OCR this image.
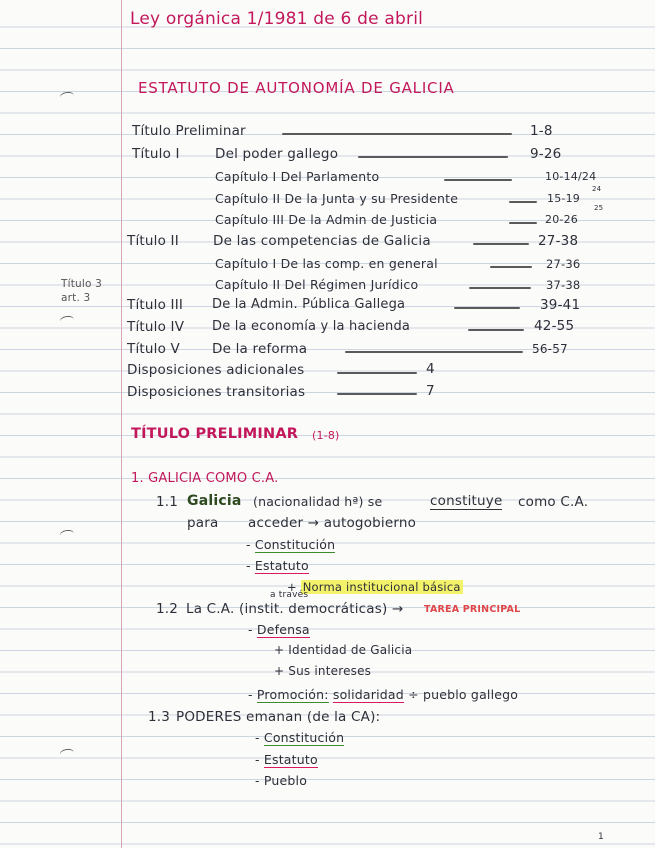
Ley orgánica 1/1981 de 6 de abril
ESTATUTO DE AUTONOMÍA DE GALICIA
Título Preliminar	1-8
Título I	Del poder gallego	9-26
Capítulo I Del Parlamento	10-14/24
Capítulo II De la Junta y su Presidente	15-19
24
25
Capítulo III De la Admin de Justicia	20-26
Título II	De las competencias de Galicia	27-38
Capítulo I De las comp. en general	27-36
Capítulo II Del Régimen Jurídico	37-38
Título 3
art. 3	Título III De la Admin. Pública Gallega	39-41
Título IV De la economía y la hacienda	42-55
Título V De la reforma	56-57
Disposiciones adicionales	4
Disposiciones transitorias	7
TÍTULO PRELIMINAR (1-8)
1. GALICIA COMO C.A.
1.1 Galicia (nacionalidad hª) se	constituye como C.A.
para acceder → autogobierno
- Constitución
- Estatuto
+ Norma institucional básica
a través
1.2 La C.A. (instit. democráticas) → TAREA PRINCIPAL
- Defensa
+ Identidad de Galicia
+ Sus intereses
- Promoción: solidaridad ÷ pueblo gallego
1.3 PODERES emanan (de la CA):
- Constitución
- Estatuto
- Pueblo
1
